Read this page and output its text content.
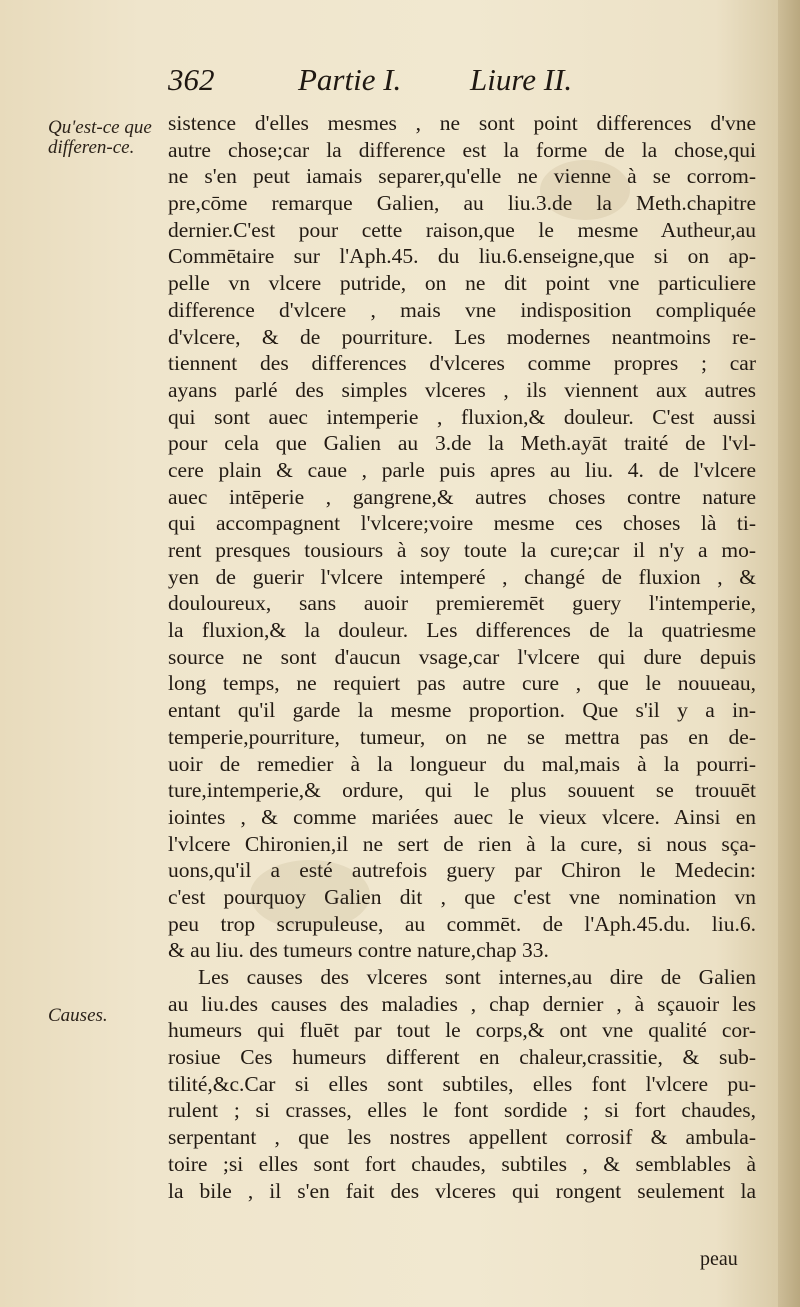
362	Partie I. Liure II.
Qu'est-ce que differen-ce.
Causes.
sistence d'elles mesmes , ne sont point differences d'vne
autre chose;car la difference est la forme de la chose,qui
ne s'en peut iamais separer,qu'elle ne vienne à se corrom-
pre,cōme remarque Galien, au liu.3.de la Meth.chapitre
dernier.C'est pour cette raison,que le mesme Autheur,au
Commētaire sur l'Aph.45. du liu.6.enseigne,que si on ap-
pelle vn vlcere putride, on ne dit point vne particuliere
difference d'vlcere , mais vne indisposition compliquée
d'vlcere, & de pourriture. Les modernes neantmoins re-
tiennent des differences d'vlceres comme propres ; car
ayans parlé des simples vlceres , ils viennent aux autres
qui sont auec intemperie , fluxion,& douleur. C'est aussi
pour cela que Galien au 3.de la Meth.ayāt traité de l'vl-
cere plain & caue , parle puis apres au liu. 4. de l'vlcere
auec intēperie , gangrene,& autres choses contre nature
qui accompagnent l'vlcere;voire mesme ces choses là ti-
rent presques tousiours à soy toute la cure;car il n'y a mo-
yen de guerir l'vlcere intemperé , changé de fluxion , &
douloureux, sans auoir premieremēt guery l'intemperie,
la fluxion,& la douleur. Les differences de la quatriesme
source ne sont d'aucun vsage,car l'vlcere qui dure depuis
long temps, ne requiert pas autre cure , que le nouueau,
entant qu'il garde la mesme proportion. Que s'il y a in-
temperie,pourriture, tumeur, on ne se mettra pas en de-
uoir de remedier à la longueur du mal,mais à la pourri-
ture,intemperie,& ordure, qui le plus souuent se trouuēt
iointes , & comme mariées auec le vieux vlcere. Ainsi en
l'vlcere Chironien,il ne sert de rien à la cure, si nous sça-
uons,qu'il a esté autrefois guery par Chiron le Medecin:
c'est pourquoy Galien dit , que c'est vne nomination vn
peu trop scrupuleuse, au commēt. de l'Aph.45.du. liu.6.
& au liu. des tumeurs contre nature,chap 33.
Les causes des vlceres sont internes,au dire de Galien
au liu.des causes des maladies , chap dernier , à sçauoir les
humeurs qui fluēt par tout le corps,& ont vne qualité cor-
rosiue Ces humeurs different en chaleur,crassitie, & sub-
tilité,&c.Car si elles sont subtiles, elles font l'vlcere pu-
rulent ; si crasses, elles le font sordide ; si fort chaudes,
serpentant , que les nostres appellent corrosif & ambula-
toire ;si elles sont fort chaudes, subtiles , & semblables à
la bile , il s'en fait des vlceres qui rongent seulement la
peau
